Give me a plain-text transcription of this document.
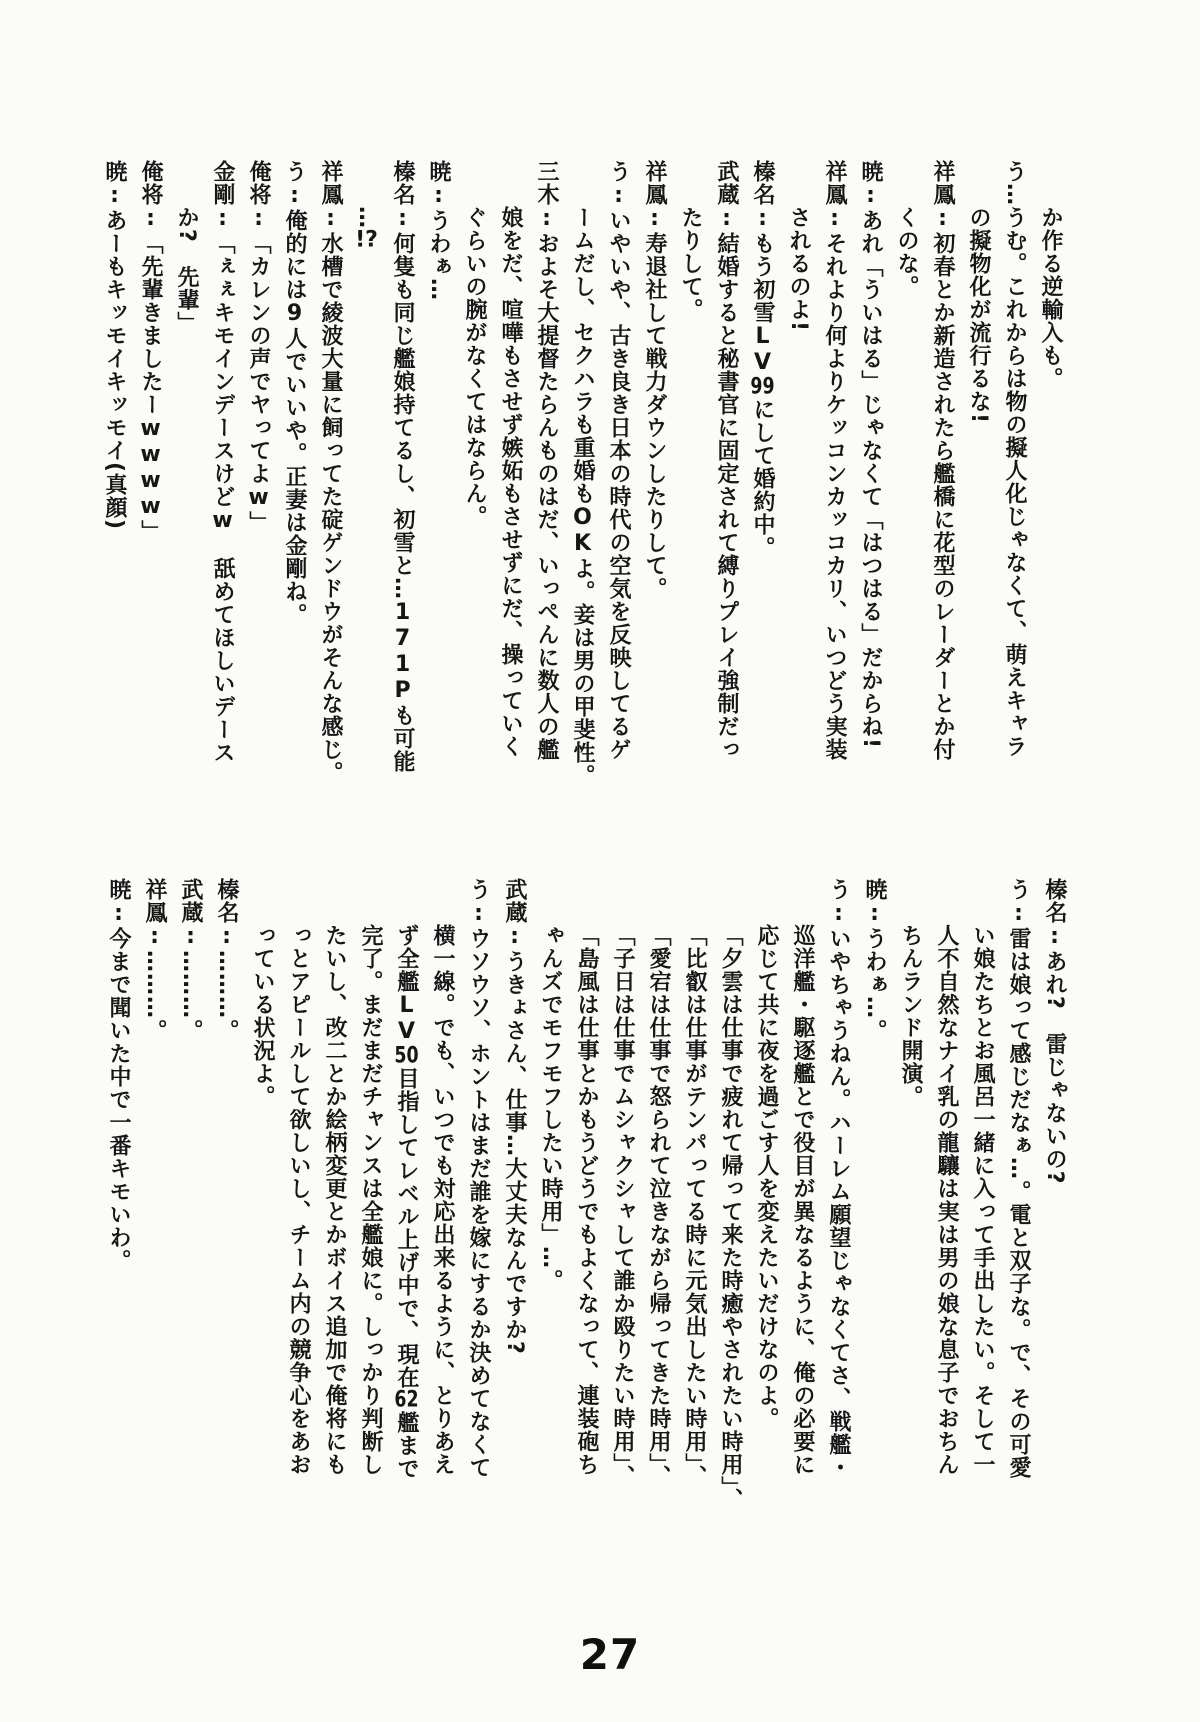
か作る逆輸入も。

う…うむ。これからは物の擬人化じゃなくて、萌えキャラ

の擬物化が流行るな!

祥鳳:初春とか新造されたら艦橋に花型のレーダーとか付

くのな。

暁:あれ「ういはる」じゃなくて「はつはる」だからね!

祥鳳:それより何よりケッコンカッコカリ、いつどう実装

されるのよ!

榛名:もう初雪LV99にして婚約中。

武蔵:結婚すると秘書官に固定されて縛りプレイ強制だっ

たりして。

祥鳳:寿退社して戦力ダウンしたりして。

う:いやいや、古き良き日本の時代の空気を反映してるゲ

ームだし、セクハラも重婚もOKよ。妾は男の甲斐性。

三木:およそ大提督たらんものはだ、いっぺんに数人の艦

娘をだ、喧嘩もさせず嫉妬もさせずにだ、操っていく

ぐらいの腕がなくてはならん。

暁:うわぁ…

榛名:何隻も同じ艦娘持てるし、初雪と…171Pも可能

…!?

祥鳳:水槽で綾波大量に飼ってた碇ゲンドウがそんな感じ。

う:俺的には9人でいいや。正妻は金剛ね。

俺将:「カレンの声でヤってよw」

金剛:「ぇぇキモインデースけどw　舐めてほしいデース

か?　先輩」

俺将:「先輩きましたーwwww」

暁:あーもキッモイキッモイ(真顔)

榛名:あれ?　雷じゃないの?

う:雷は娘って感じだなぁ…。電と双子な。で、その可愛

い娘たちとお風呂一緒に入って手出したい。そして一

人不自然なナイ乳の龍驤は実は男の娘な息子でおちん

ちんランド開演。

暁:うわぁ…。

う:いやちゃうねん。ハーレム願望じゃなくてさ、戦艦・

巡洋艦・駆逐艦とで役目が異なるように、俺の必要に

応じて共に夜を過ごす人を変えたいだけなのよ。

「夕雲は仕事で疲れて帰って来た時癒やされたい時用」、

「比叡は仕事がテンパってる時に元気出したい時用」、

「愛宕は仕事で怒られて泣きながら帰ってきた時用」、

「子日は仕事でムシャクシャして誰か殴りたい時用」、

「島風は仕事とかもうどうでもよくなって、連装砲ち

ゃんズでモフモフしたい時用」…。

武蔵:うきょさん、仕事…大丈夫なんですか?

う:ウソウソ、ホントはまだ誰を嫁にするか決めてなくて

横一線。でも、いつでも対応出来るように、とりあえ

ず全艦LV50目指してレベル上げ中で、現在62艦まで

完了。まだまだチャンスは全艦娘に。しっかり判断し

たいし、改二とか絵柄変更とかボイス追加で俺将にも

っとアピールして欲しいし、チーム内の競争心をあお

っている状況よ。

榛名:………。

武蔵:………。

祥鳳:………。

暁:今まで聞いた中で一番キモいわ。

27
